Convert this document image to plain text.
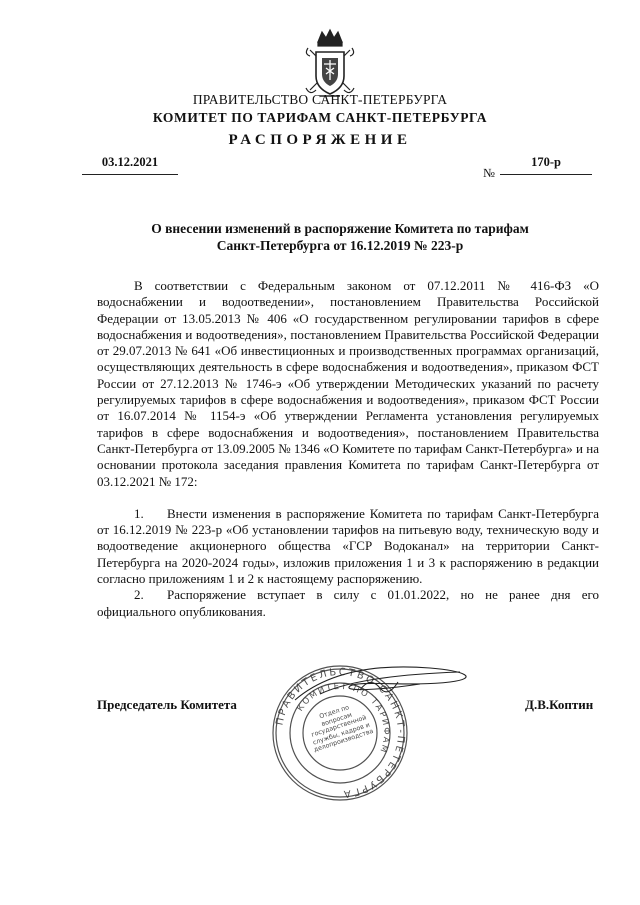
ПРАВИТЕЛЬСТВО САНКТ-ПЕТЕРБУРГА
КОМИТЕТ ПО ТАРИФАМ САНКТ-ПЕТЕРБУРГА
РАСПОРЯЖЕНИЕ
03.12.2021
№
170-р
О внесении изменений в распоряжение Комитета по тарифам
Санкт-Петербурга от 16.12.2019 № 223-р

В соответствии с Федеральным законом от 07.12.2011 № 416-ФЗ «О водоснабжении и водоотведении», постановлением Правительства Российской Федерации от 13.05.2013 № 406 «О государственном регулировании тарифов в сфере водоснабжения и водоотведения», постановлением Правительства Российской Федерации от 29.07.2013 № 641 «Об инвестиционных и производственных программах организаций, осуществляющих деятельность в сфере водоснабжения и водоотведения», приказом ФСТ России от 27.12.2013 № 1746-э «Об утверждении Методических указаний по расчету регулируемых тарифов в сфере водоснабжения и водоотведения», приказом ФСТ России от 16.07.2014 № 1154-э «Об утверждении Регламента установления регулируемых тарифов в сфере водоснабжения и водоотведения», постановлением Правительства Санкт-Петербурга от 13.09.2005 № 1346 «О Комитете по тарифам Санкт-Петербурга» и на основании протокола заседания правления Комитета по тарифам Санкт-Петербурга от 03.12.2021 № 172:

1. Внести изменения в распоряжение Комитета по тарифам Санкт-Петербурга от 16.12.2019 № 223-р «Об установлении тарифов на питьевую воду, техническую воду и водоотведение акционерного общества «ГСР Водоканал» на территории Санкт-Петербурга на 2020-2024 годы», изложив приложения 1 и 3 к распоряжению в редакции согласно приложениям 1 и 2 к настоящему распоряжению.

2. Распоряжение вступает в силу с 01.01.2022, но не ранее дня его официального опубликования.

ПРАВИТЕЛЬСТВО САНКТ-ПЕТЕРБУРГА
КОМИТЕТ ПО ТАРИФАМ
Отдел по вопросам государственной службы, кадров и делопроизводства
Председатель Комитета	Д.В.Коптин
